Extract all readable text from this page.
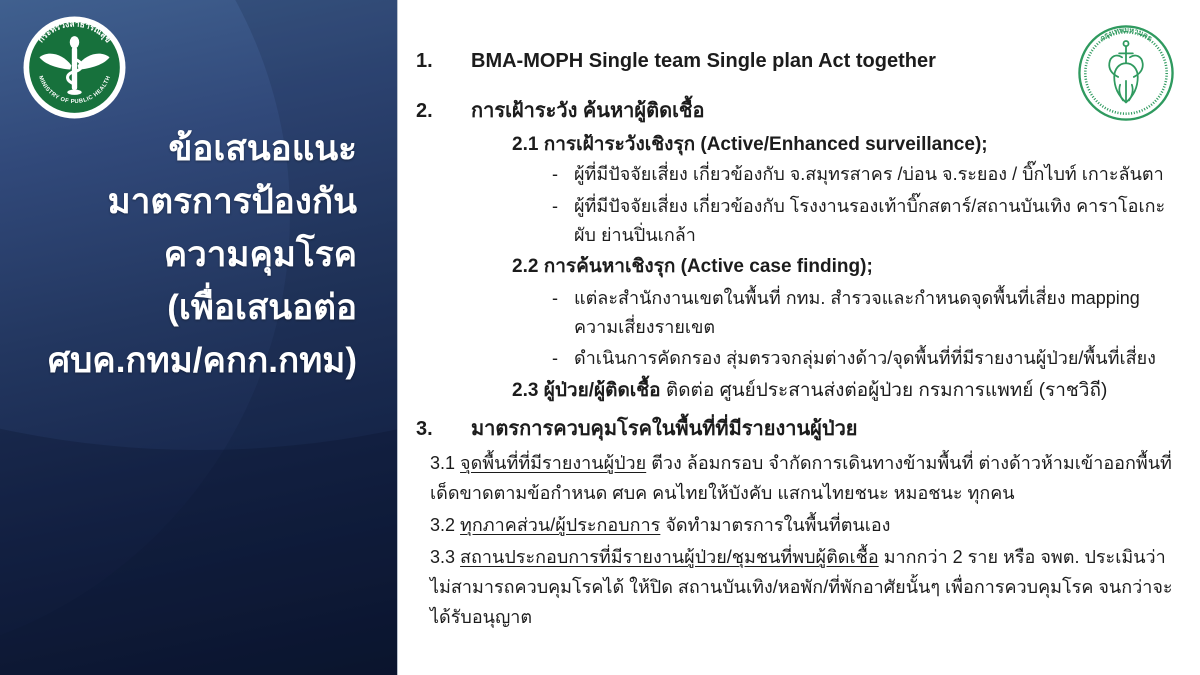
กระทรวงสาธารณสุข
MINISTRY OF PUBLIC HEALTH
ข้อเสนอแนะ
มาตรการป้องกัน
ความคุมโรค
(เพื่อเสนอต่อ
ศบค.กทม/คกก.กทม)
1.	BMA-MOPH Single team Single plan Act together
2.	การเฝ้าระวัง ค้นหาผู้ติดเชื้อ
2.1 การเฝ้าระวังเชิงรุก (Active/Enhanced surveillance);
- ผู้ที่มีปัจจัยเสี่ยง เกี่ยวข้องกับ จ.สมุทรสาคร /บ่อน จ.ระยอง / บิ๊กไบท์ เกาะลันตา
- ผู้ที่มีปัจจัยเสี่ยง เกี่ยวข้องกับ โรงงานรองเท้าบิ๊กสตาร์/สถานบันเทิง คาราโอเกะ ผับ ย่านปิ่นเกล้า
2.2 การค้นหาเชิงรุก (Active case finding);
- แต่ละสำนักงานเขตในพื้นที่ กทม. สำรวจและกำหนดจุดพื้นที่เสี่ยง mapping ความเสี่ยงรายเขต
- ดำเนินการคัดกรอง สุ่มตรวจกลุ่มต่างด้าว/จุดพื้นที่ที่มีรายงานผู้ป่วย/พื้นที่เสี่ยง
2.3 ผู้ป่วย/ผู้ติดเชื้อ ติดต่อ ศูนย์ประสานส่งต่อผู้ป่วย กรมการแพทย์ (ราชวิถี)
3.	มาตรการควบคุมโรคในพื้นที่ที่มีรายงานผู้ป่วย
3.1 จุดพื้นที่ที่มีรายงานผู้ป่วย ตีวง ล้อมกรอบ จำกัดการเดินทางข้ามพื้นที่ ต่างด้าวห้ามเข้าออกพื้นที่เด็ดขาดตามข้อกำหนด ศบค คนไทยให้บังคับ แสกนไทยชนะ หมอชนะ ทุกคน
3.2 ทุกภาคส่วน/ผู้ประกอบการ จัดทำมาตรการในพื้นที่ตนเอง
3.3 สถานประกอบการที่มีรายงานผู้ป่วย/ชุมชนที่พบผู้ติดเชื้อ มากกว่า 2 ราย หรือ จพต. ประเมินว่าไม่สามารถควบคุมโรคได้ ให้ปิด สถานบันเทิง/หอพัก/ที่พักอาศัยนั้นๆ เพื่อการควบคุมโรค จนกว่าจะได้รับอนุญาต
กรุงเทพมหานคร
